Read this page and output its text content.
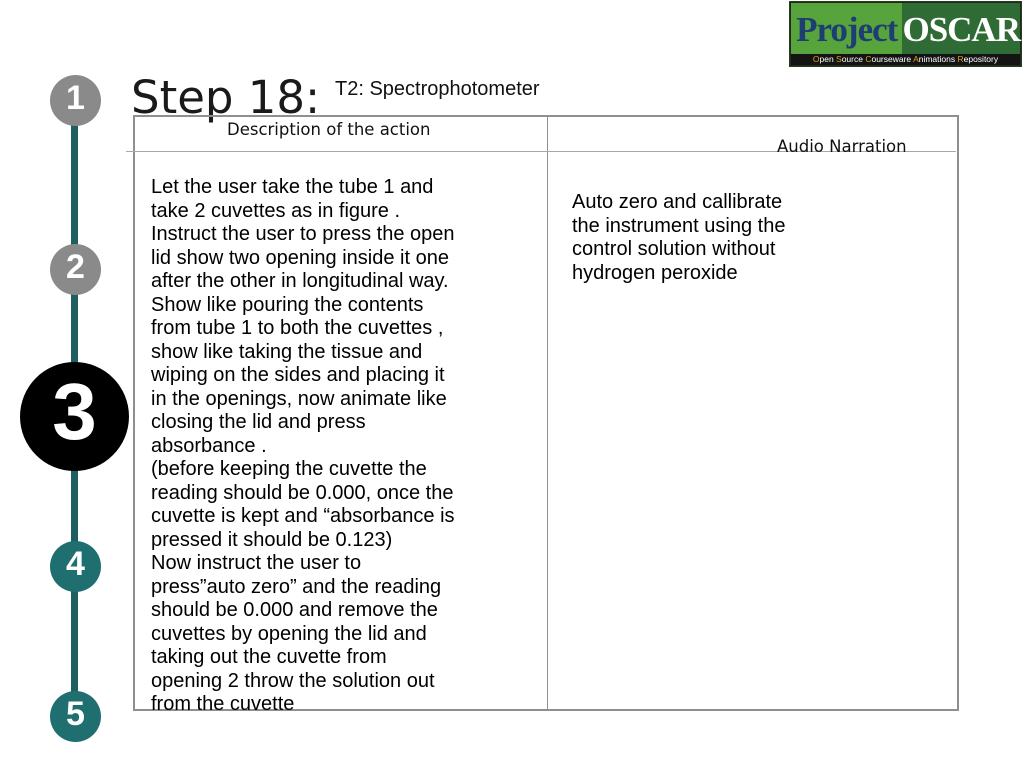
Project OSCAR
Open Source Courseware Animations Repository
1
2
3
4
5
Step 18: T2: Spectrophotometer
Description of the action
Audio Narration
Let the user take the tube 1 and
take 2 cuvettes as in figure .
Instruct the user to press the open
lid show two opening inside it one
after the other in longitudinal way.
Show like pouring the contents
from tube 1 to both the cuvettes ,
show like taking the tissue and
wiping on the sides and placing it
in the openings, now animate like
closing the lid and press
absorbance .
(before keeping the cuvette the
reading should be 0.000, once the
cuvette is kept and “absorbance is
pressed it should be 0.123)
Now instruct the user to
press”auto zero” and the reading
should be 0.000 and remove the
cuvettes by opening the lid and
taking out the cuvette from
opening 2 throw the solution out
from the cuvette
Auto zero and callibrate
the instrument using the
control solution without
hydrogen peroxide
